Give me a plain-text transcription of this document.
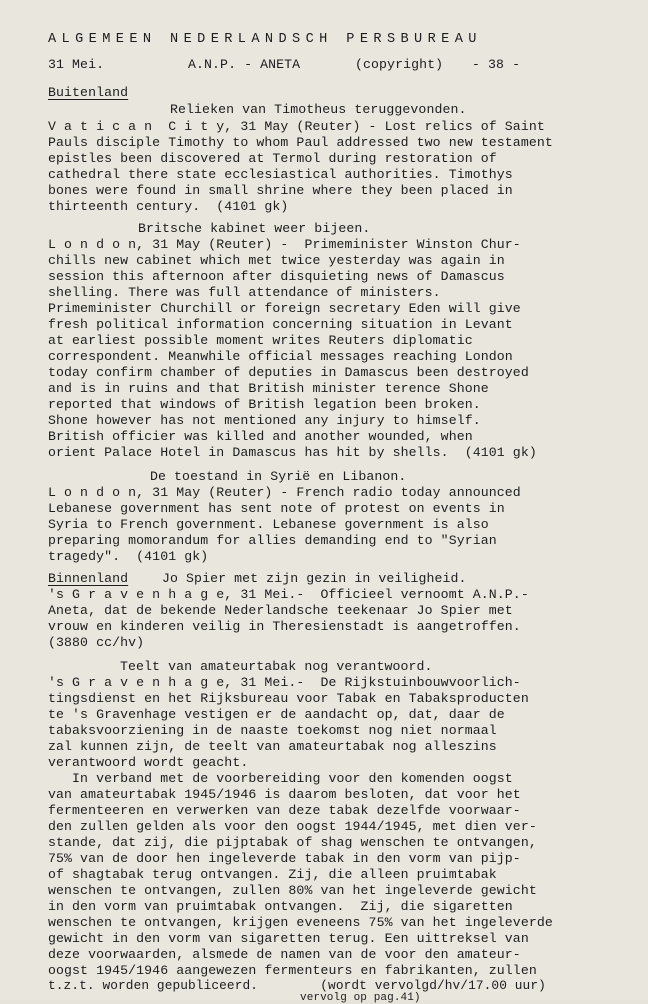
ALGEMEEN NEDERLANDSCH PERSBUREAU
31 Mei.	A.N.P. - ANETA	(copyright) - 38 -
Buitenland
Relieken van Timotheus teruggevonden.
V a t i c a n  C i t y, 31 May (Reuter) - Lost relics of Saint
Pauls disciple Timothy to whom Paul addressed two new testament
epistles been discovered at Termol during restoration of
cathedral there state ecclesiastical authorities. Timothys
bones were found in small shrine where they been placed in
thirteenth century.  (4101 gk)
Britsche kabinet weer bijeen.
L o n d o n, 31 May (Reuter) -  Primeminister Winston Chur-
chills new cabinet which met twice yesterday was again in
session this afternoon after disquieting news of Damascus
shelling. There was full attendance of ministers.
Primeminister Churchill or foreign secretary Eden will give
fresh political information concerning situation in Levant
at earliest possible moment writes Reuters diplomatic
correspondent. Meanwhile official messages reaching London
today confirm chamber of deputies in Damascus been destroyed
and is in ruins and that British minister terence Shone
reported that windows of British legation been broken.
Shone however has not mentioned any injury to himself.
British officier was killed and another wounded, when
orient Palace Hotel in Damascus has hit by shells.  (4101 gk)
De toestand in Syrië en Libanon.
L o n d o n, 31 May (Reuter) - French radio today announced
Lebanese government has sent note of protest on events in
Syria to French government. Lebanese government is also
preparing momorandum for allies demanding end to "Syrian
tragedy".  (4101 gk)
Binnenland	Jo Spier met zijn gezin in veiligheid.
's G r a v e n h a g e, 31 Mei.-  Officieel vernoomt A.N.P.-
Aneta, dat de bekende Nederlandsche teekenaar Jo Spier met
vrouw en kinderen veilig in Theresienstadt is aangetroffen.
(3880 cc/hv)
Teelt van amateurtabak nog verantwoord.
's G r a v e n h a g e, 31 Mei.-  De Rijkstuinbouwvoorlich-
tingsdienst en het Rijksbureau voor Tabak en Tabaksproducten
te 's Gravenhage vestigen er de aandacht op, dat, daar de
tabaksvoorziening in de naaste toekomst nog niet normaal
zal kunnen zijn, de teelt van amateurtabak nog alleszins
verantwoord wordt geacht.
In verband met de voorbereiding voor den komenden oogst
van amateurtabak 1945/1946 is daarom besloten, dat voor het
fermenteeren en verwerken van deze tabak dezelfde voorwaar-
den zullen gelden als voor den oogst 1944/1945, met dien ver-
stande, dat zij, die pijptabak of shag wenschen te ontvangen,
75% van de door hen ingeleverde tabak in den vorm van pijp-
of shagtabak terug ontvangen. Zij, die alleen pruimtabak
wenschen te ontvangen, zullen 80% van het ingeleverde gewicht
in den vorm van pruimtabak ontvangen.  Zij, die sigaretten
wenschen te ontvangen, krijgen eveneens 75% van het ingeleverde
gewicht in den vorm van sigaretten terug. Een uittreksel van
deze voorwaarden, alsmede de namen van de voor den amateur-
oogst 1945/1946 aangewezen fermenteurs en fabrikanten, zullen
t.z.t. worden gepubliceerd.        (wordt vervolgd/hv/17.00 uur)
vervolg op pag.41)
